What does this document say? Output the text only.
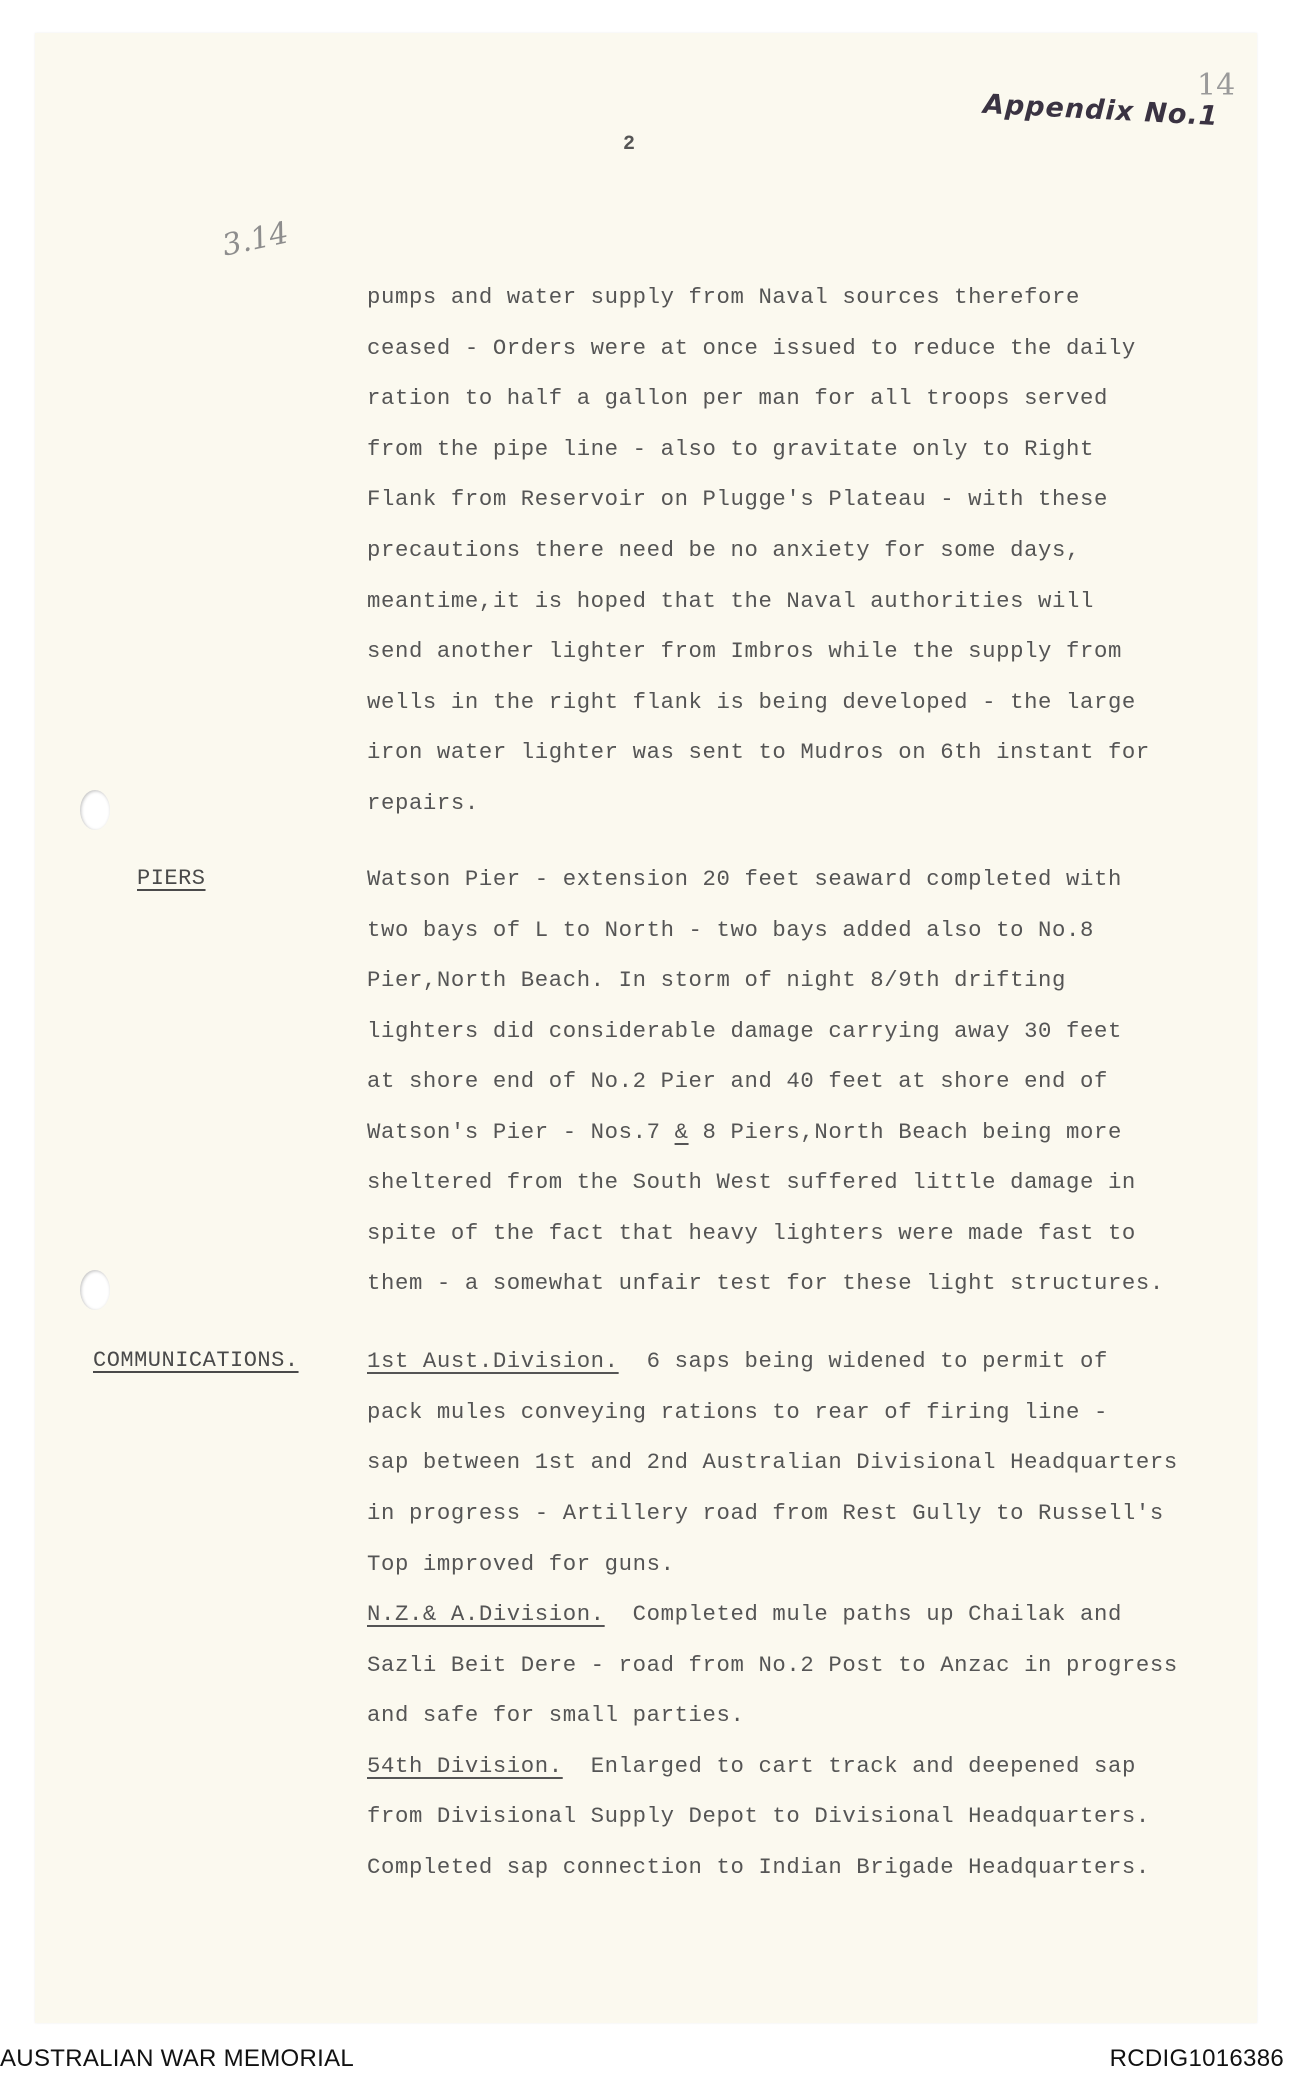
14
Appendix No.1
2
3.14
pumps and water supply from Naval sources therefore
ceased - Orders were at once issued to reduce the daily
ration to half a gallon per man for all troops served
from the pipe line - also to gravitate only to Right
Flank from Reservoir on Plugge's Plateau - with these
precautions there need be no anxiety for some days,
meantime,it is hoped that the Naval authorities will
send another lighter from Imbros while the supply from
wells in the right flank is being developed - the large
iron water lighter was sent to Mudros on 6th instant for
repairs.
PIERS	Watson Pier - extension 20 feet seaward completed with
two bays of L to North - two bays added also to No.8
Pier,North Beach. In storm of night 8/9th drifting
lighters did considerable damage carrying away 30 feet
at shore end of No.2 Pier and 40 feet at shore end of
Watson's Pier - Nos.7 & 8 Piers,North Beach being more
sheltered from the South West suffered little damage in
spite of the fact that heavy lighters were made fast to
them - a somewhat unfair test for these light structures.
COMMUNICATIONS.	1st Aust.Division.  6 saps being widened to permit of
pack mules conveying rations to rear of firing line -
sap between 1st and 2nd Australian Divisional Headquarters
in progress - Artillery road from Rest Gully to Russell's
Top improved for guns.
N.Z.& A.Division.  Completed mule paths up Chailak and
Sazli Beit Dere - road from No.2 Post to Anzac in progress
and safe for small parties.
54th Division.  Enlarged to cart track and deepened sap
from Divisional Supply Depot to Divisional Headquarters.
Completed sap connection to Indian Brigade Headquarters.
AUSTRALIAN WAR MEMORIAL	RCDIG1016386
